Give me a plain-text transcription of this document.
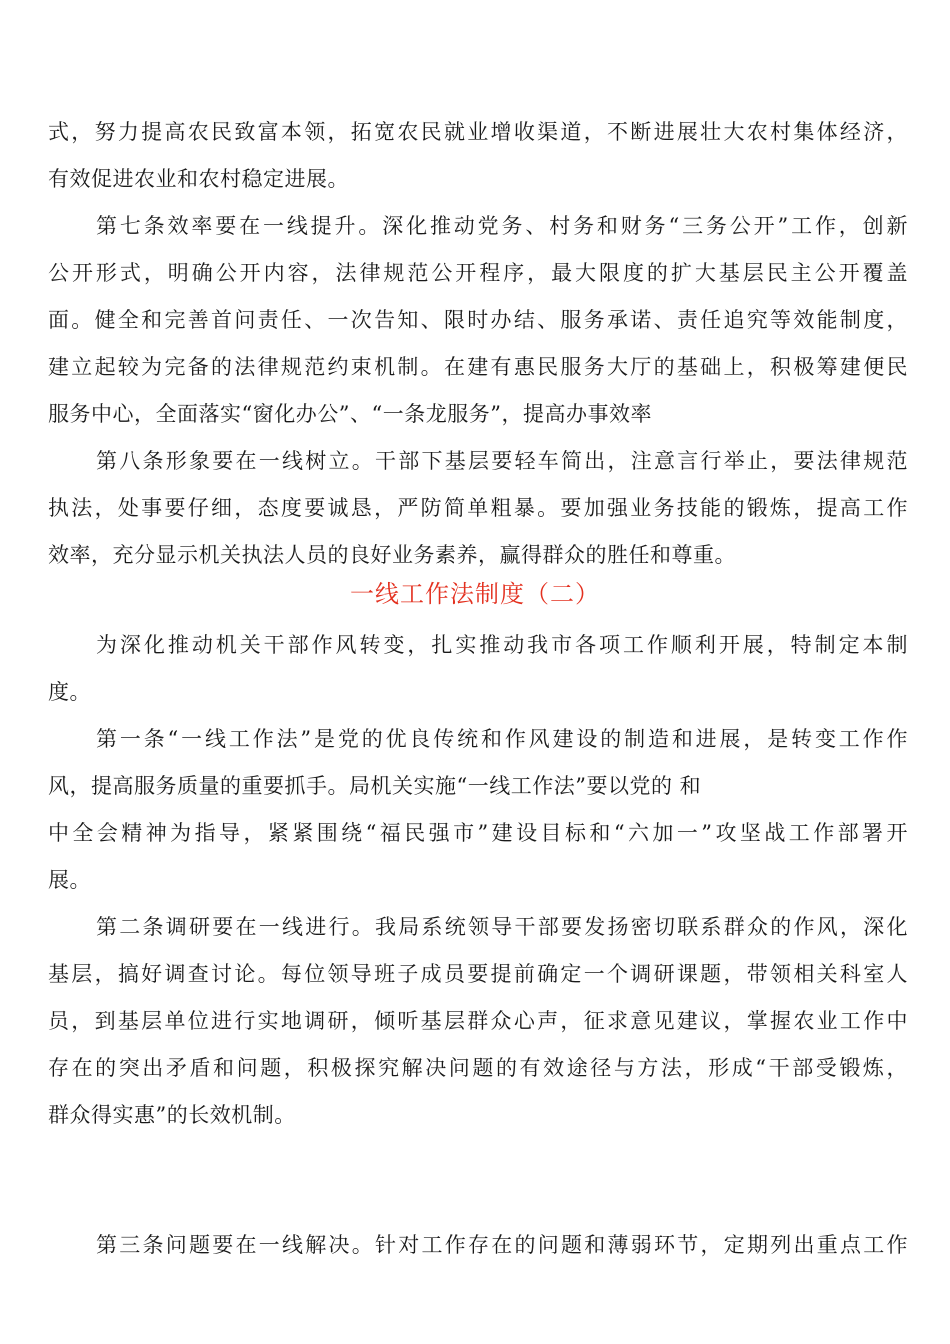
式，努力提高农民致富本领，拓宽农民就业增收渠道，不断进展壮大农村集体经济，
有效促进农业和农村稳定进展。
第七条效率要在一线提升。深化推动党务、村务和财务“三务公开”工作，创新
公开形式，明确公开内容，法律规范公开程序，最大限度的扩大基层民主公开覆盖
面。健全和完善首问责任、一次告知、限时办结、服务承诺、责任追究等效能制度，
建立起较为完备的法律规范约束机制。在建有惠民服务大厅的基础上，积极筹建便民
服务中心，全面落实“窗化办公”、“一条龙服务”，提高办事效率
第八条形象要在一线树立。干部下基层要轻车简出，注意言行举止，要法律规范
执法，处事要仔细，态度要诚恳，严防简单粗暴。要加强业务技能的锻炼，提高工作
效率，充分显示机关执法人员的良好业务素养，赢得群众的胜任和尊重。
一线工作法制度（二）
为深化推动机关干部作风转变，扎实推动我市各项工作顺利开展，特制定本制
度。
第一条“一线工作法”是党的优良传统和作风建设的制造和进展，是转变工作作
风，提高服务质量的重要抓手。局机关实施“一线工作法”要以党的 和
中全会精神为指导，紧紧围绕“福民强市”建设目标和“六加一”攻坚战工作部署开
展。
第二条调研要在一线进行。我局系统领导干部要发扬密切联系群众的作风，深化
基层，搞好调查讨论。每位领导班子成员要提前确定一个调研课题，带领相关科室人
员，到基层单位进行实地调研，倾听基层群众心声，征求意见建议，掌握农业工作中
存在的突出矛盾和问题，积极探究解决问题的有效途径与方法，形成“干部受锻炼，
群众得实惠”的长效机制。
第三条问题要在一线解决。针对工作存在的问题和薄弱环节，定期列出重点工作
